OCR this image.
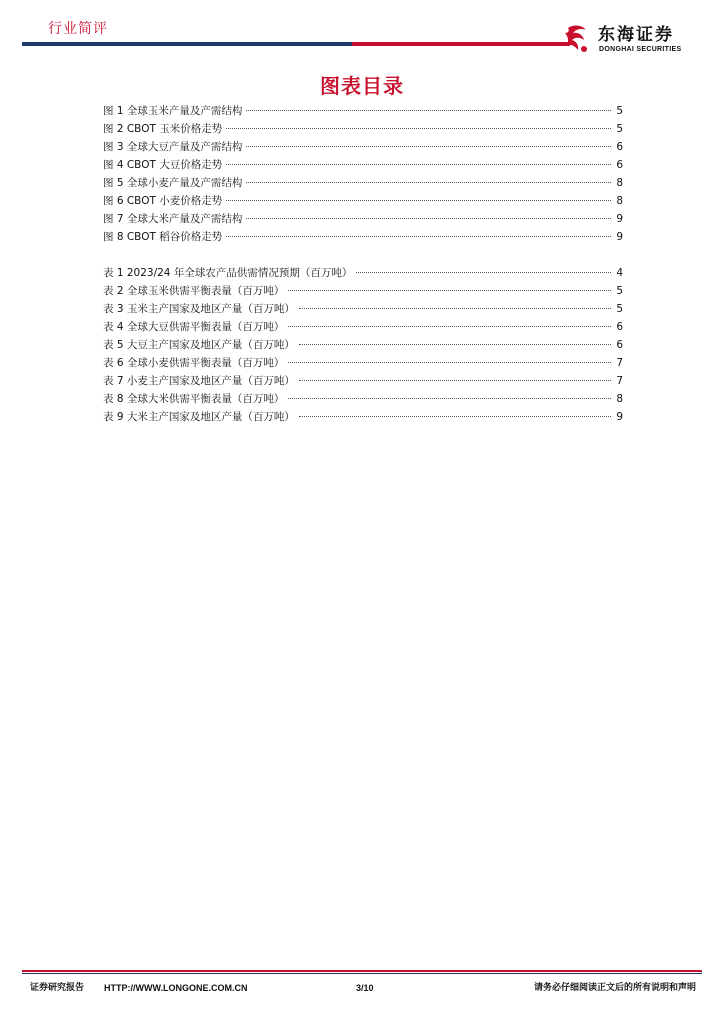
行业简评	东海证券
DONGHAI SECURITIES
图表目录
图 1 全球玉米产量及产需结构	5
图 2 CBOT 玉米价格走势	5
图 3 全球大豆产量及产需结构	6
图 4 CBOT 大豆价格走势	6
图 5 全球小麦产量及产需结构	8
图 6 CBOT 小麦价格走势	8
图 7 全球大米产量及产需结构	9
图 8 CBOT 稻谷价格走势	9
表 1 2023/24 年全球农产品供需情况预期（百万吨）	4
表 2 全球玉米供需平衡表量（百万吨）	5
表 3 玉米主产国家及地区产量（百万吨）	5
表 4 全球大豆供需平衡表量（百万吨）	6
表 5 大豆主产国家及地区产量（百万吨）	6
表 6 全球小麦供需平衡表量（百万吨）	7
表 7 小麦主产国家及地区产量（百万吨）	7
表 8 全球大米供需平衡表量（百万吨）	8
表 9 大米主产国家及地区产量（百万吨）	9
证券研究报告 HTTP://WWW.LONGONE.COM.CN	3/10	请务必仔细阅读正文后的所有说明和声明
